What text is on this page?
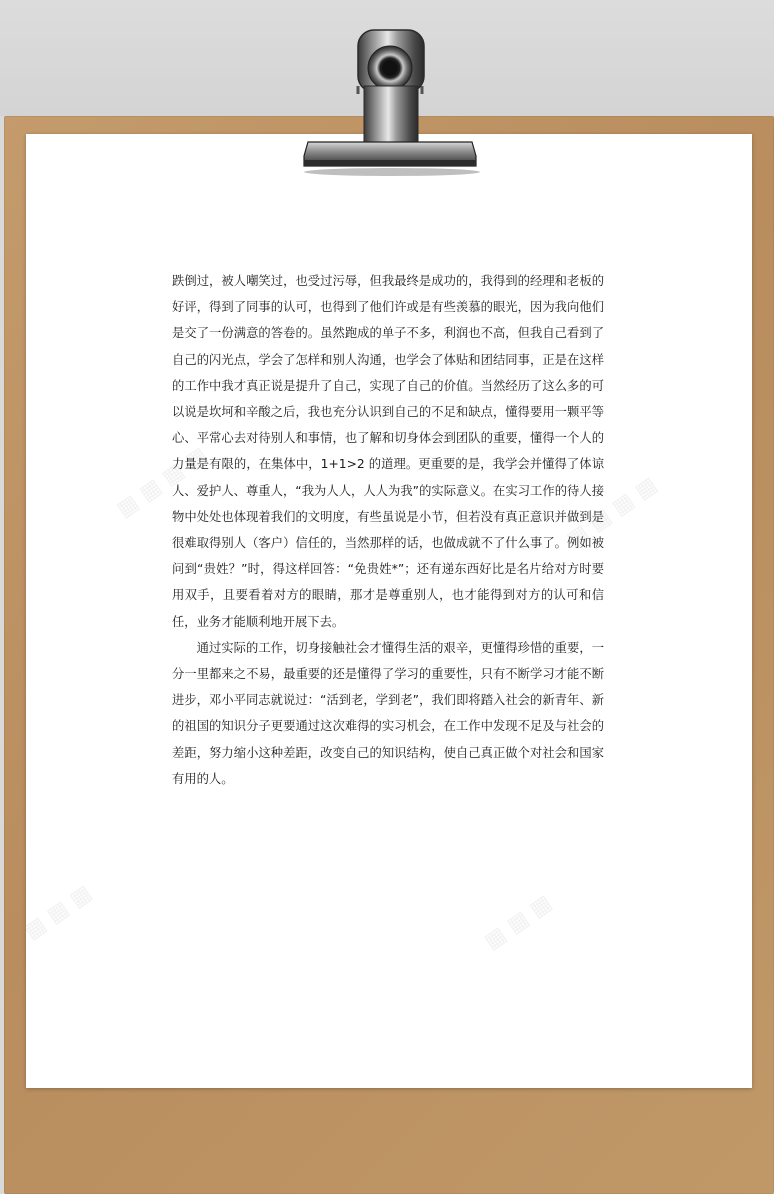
跌倒过，被人嘲笑过，也受过污辱，但我最终是成功的，我得到的经理和老板的好评，得到了同事的认可，也得到了他们许或是有些羡慕的眼光，因为我向他们是交了一份满意的答卷的。虽然跑成的单子不多，利润也不高，但我自己看到了自己的闪光点，学会了怎样和别人沟通，也学会了体贴和团结同事，正是在这样的工作中我才真正说是提升了自己，实现了自己的价值。当然经历了这么多的可以说是坎坷和辛酸之后，我也充分认识到自己的不足和缺点，懂得要用一颗平等心、平常心去对待别人和事情，也了解和切身体会到团队的重要，懂得一个人的力量是有限的，在集体中，1+1>2 的道理。更重要的是，我学会并懂得了体谅人、爱护人、尊重人，“我为人人，人人为我”的实际意义。在实习工作的待人接物中处处也体现着我们的文明度，有些虽说是小节，但若没有真正意识并做到是很难取得别人（客户）信任的，当然那样的话，也做成就不了什么事了。例如被问到“贵姓？”时，得这样回答：“免贵姓*”；还有递东西好比是名片给对方时要用双手，且要看着对方的眼睛，那才是尊重别人，也才能得到对方的认可和信任，业务才能顺利地开展下去。

通过实际的工作，切身接触社会才懂得生活的艰辛，更懂得珍惜的重要，一分一里都来之不易，最重要的还是懂得了学习的重要性，只有不断学习才能不断进步，邓小平同志就说过：“活到老，学到老”，我们即将踏入社会的新青年、新的祖国的知识分子更要通过这次难得的实习机会，在工作中发现不足及与社会的差距，努力缩小这种差距，改变自己的知识结构，使自己真正做个对社会和国家有用的人。
